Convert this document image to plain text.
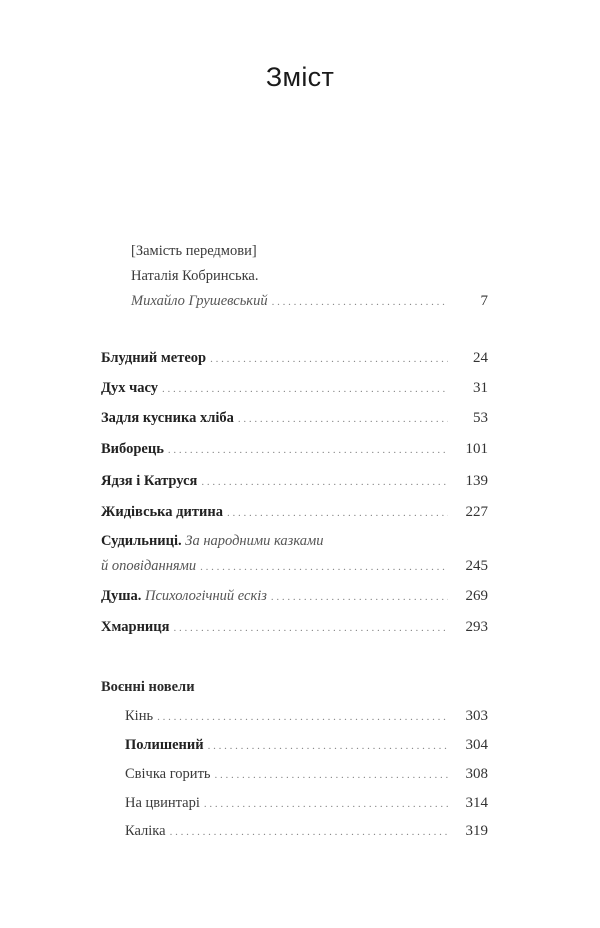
Зміст
[Замість передмови]
Наталія Кобринська.
Михайло Грушевський . . .	7
Блудний метеор . . .	24
Дух часу . . .	31
Задля кусника хліба . . .	53
Виборець . . .	101
Ядзя і Катруся . . .	139
Жидівська дитина . . .	227
Судильниці. За народними казками
й оповіданнями . . .	245
Душа. Психологічний ескіз . . .	269
Хмарниця . . .	293
Воєнні новели
Кінь . . .	303
Полишений . . .	304
Свічка горить . . .	308
На цвинтарі . . .	314
Каліка . . .	319
